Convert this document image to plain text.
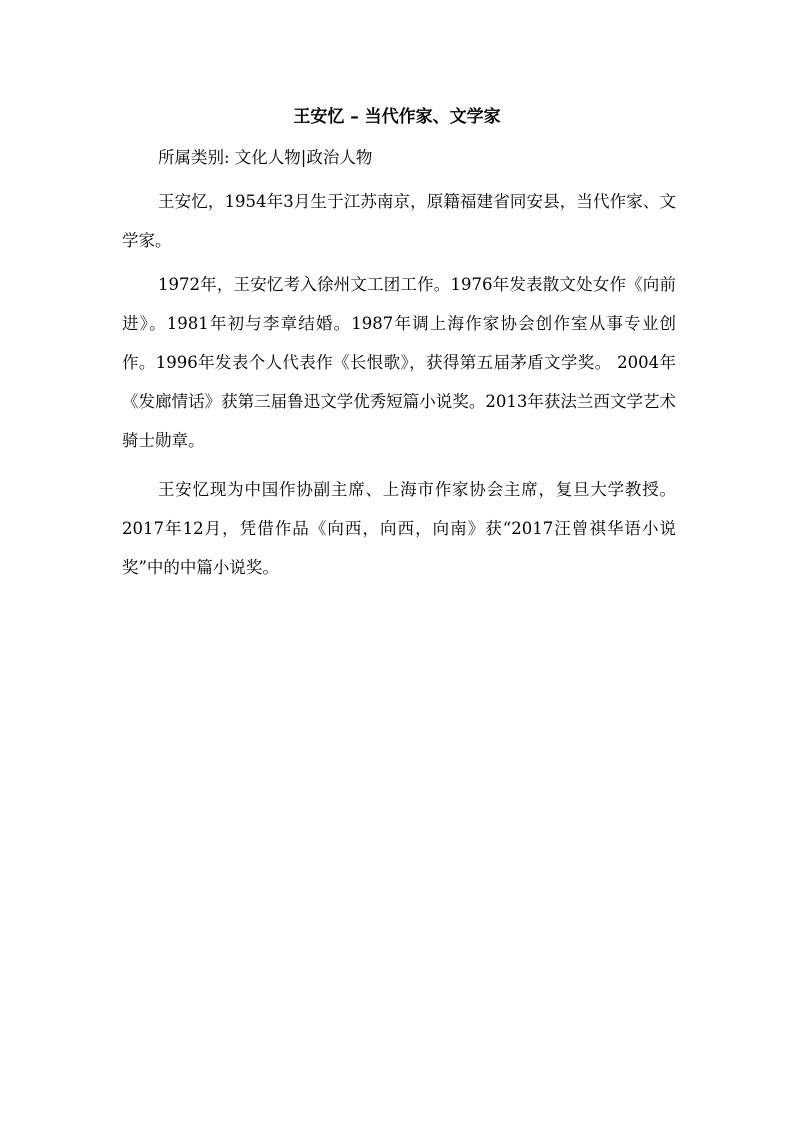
王安忆 – 当代作家、文学家
所属类别: 文化人物|政治人物
王安忆，1954年3月生于江苏南京，原籍福建省同安县，当代作家、文学家。
1972年，王安忆考入徐州文工团工作。1976年发表散文处女作《向前进》。1981年初与李章结婚。1987年调上海作家协会创作室从事专业创作。1996年发表个人代表作《长恨歌》，获得第五届茅盾文学奖。 2004年《发廊情话》获第三届鲁迅文学优秀短篇小说奖。2013年获法兰西文学艺术骑士勋章。
王安忆现为中国作协副主席、上海市作家协会主席，复旦大学教授。2017年12月，凭借作品《向西，向西，向南》获“2017汪曾祺华语小说奖”中的中篇小说奖。
